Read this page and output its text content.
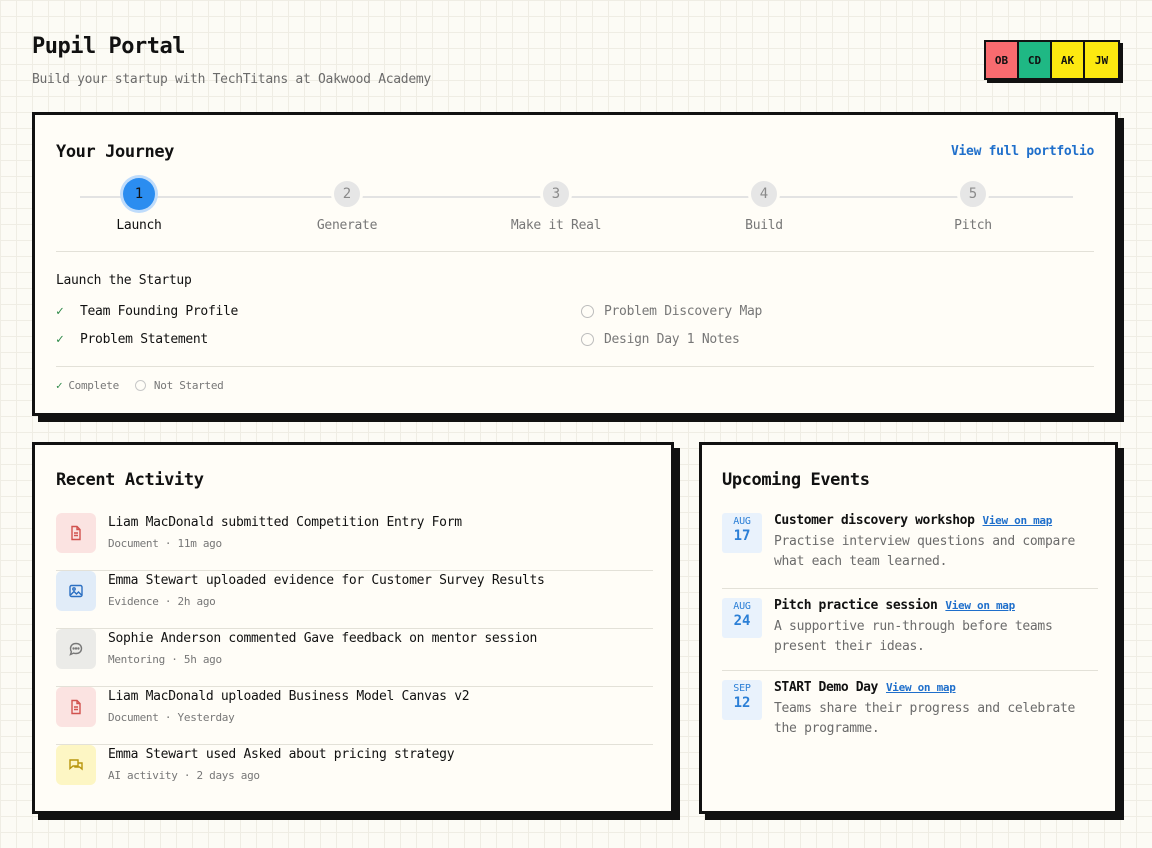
Pupil Portal
Build your startup with TechTitans at Oakwood Academy
OB	CD	AK	JW
Your Journey	View full portfolio
1
Launch
2
Generate
3
Make it Real
4
Build
5
Pitch
Launch the Startup
✓	Team Founding Profile
✓	Problem Statement
Problem Discovery Map
Design Day 1 Notes
✓ Complete	Not Started
Recent Activity
Liam MacDonald submitted Competition Entry Form
Document · 11m ago
Emma Stewart uploaded evidence for Customer Survey Results
Evidence · 2h ago
Sophie Anderson commented Gave feedback on mentor session
Mentoring · 5h ago
Liam MacDonald uploaded Business Model Canvas v2
Document · Yesterday
Emma Stewart used Asked about pricing strategy
AI activity · 2 days ago
Upcoming Events
AUG
17
Customer discovery workshop View on map
Practise interview questions and compare what each team learned.
AUG
24
Pitch practice session View on map
A supportive run-through before teams present their ideas.
SEP
12
START Demo Day View on map
Teams share their progress and celebrate the programme.
